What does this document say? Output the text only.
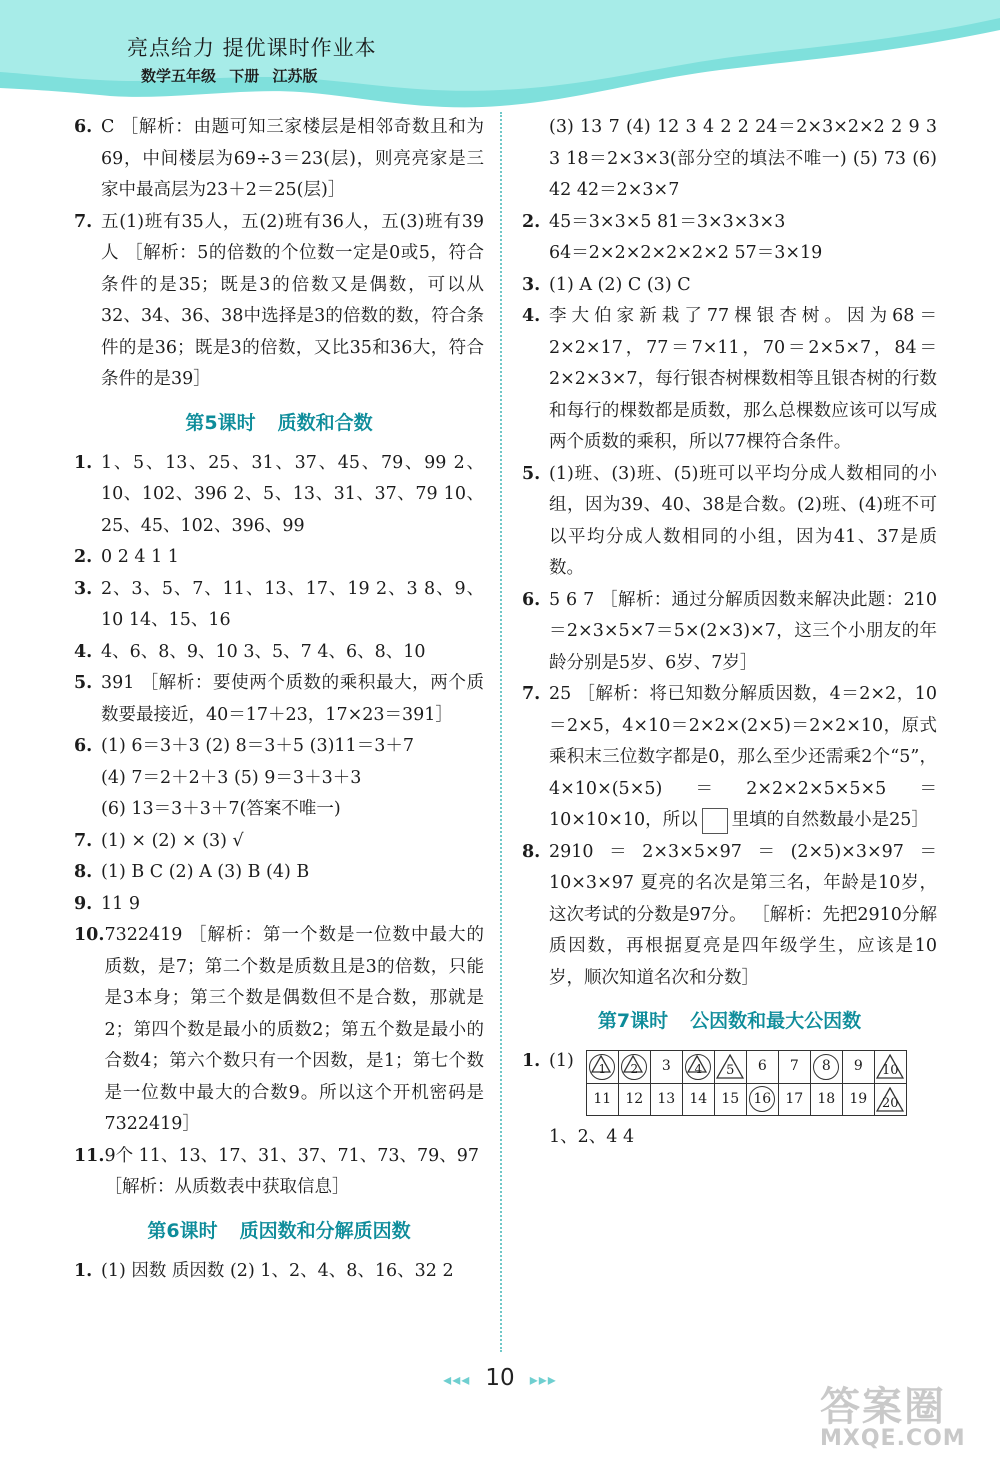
亮点给力 提优课时作业本
数学五年级 下册 江苏版
6. C ［解析：由题可知三家楼层是相邻奇数且和为69，中间楼层为69÷3＝23(层)，则亮亮家是三家中最高层为23＋2＝25(层)］
7. 五(1)班有35人，五(2)班有36人，五(3)班有39人 ［解析：5的倍数的个位数一定是0或5，符合条件的是35；既是3的倍数又是偶数，可以从32、34、36、38中选择是3的倍数的数，符合条件的是36；既是3的倍数，又比35和36大，符合条件的是39］
第5课时 质数和合数
1. 1、5、13、25、31、37、45、79、99 2、10、102、396 2、5、13、31、37、79 10、25、45、102、396、99
2. 0 2 4 1 1
3. 2、3、5、7、11、13、17、19 2、3 8、9、10 14、15、16
4. 4、6、8、9、10 3、5、7 4、6、8、10
5. 391 ［解析：要使两个质数的乘积最大，两个质数要最接近，40＝17＋23，17×23＝391］
6. (1) 6＝3＋3 (2) 8＝3＋5 (3)11＝3＋7
(4) 7＝2＋2＋3 (5) 9＝3＋3＋3
(6) 13＝3＋3＋7(答案不唯一)
7. (1) × (2) × (3) √
8. (1) B C (2) A (3) B (4) B
9. 11 9
10. 7322419 ［解析：第一个数是一位数中最大的质数，是7；第二个数是质数且是3的倍数，只能是3本身；第三个数是偶数但不是合数，那就是2；第四个数是最小的质数2；第五个数是最小的合数4；第六个数只有一个因数，是1；第七个数是一位数中最大的合数9。所以这个开机密码是7322419］
11. 9个 11、13、17、31、37、71、73、79、97
［解析：从质数表中获取信息］
第6课时 质因数和分解质因数
1. (1) 因数 质因数 (2) 1、2、4、8、16、32 2
(3) 13 7 (4) 12 3 4 2 2 24＝2×3×2×2 2 9 3 3 18＝2×3×3(部分空的填法不唯一) (5) 73 (6) 42 42＝2×3×7
2. 45＝3×3×5 81＝3×3×3×3
64＝2×2×2×2×2×2 57＝3×19
3. (1) A (2) C (3) C
4. 李大伯家新栽了77棵银杏树。因为68＝2×2×17，77＝7×11，70＝2×5×7，84＝2×2×3×7，每行银杏树棵数相等且银杏树的行数和每行的棵数都是质数，那么总棵数应该可以写成两个质数的乘积，所以77棵符合条件。
5. (1)班、(3)班、(5)班可以平均分成人数相同的小组，因为39、40、38是合数。(2)班、(4)班不可以平均分成人数相同的小组，因为41、37是质数。
6. 5 6 7 ［解析：通过分解质因数来解决此题：210＝2×3×5×7＝5×(2×3)×7，这三个小朋友的年龄分别是5岁、6岁、7岁］
7. 25 ［解析：将已知数分解质因数，4＝2×2，10＝2×5，4×10＝2×2×(2×5)＝2×2×10，原式乘积末三位数字都是0，那么至少还需乘2个“5”，4×10×(5×5)＝2×2×2×5×5×5＝10×10×10，所以 里填的自然数最小是25］
8. 2910＝2×3×5×97＝(2×5)×3×97＝10×3×97 夏亮的名次是第三名，年龄是10岁，这次考试的分数是97分。 ［解析：先把2910分解质因数，再根据夏亮是四年级学生，应该是10岁，顺次知道名次和分数］
第7课时 公因数和最大公因数
1. (1) 1	2	3	4	5	6	7	8	9	10

11	12	13	14	15	16	17	18	19	20
1、2、4 4
◂◂◂ 10 ▸▸▸
答案圈
MXQE.COM
